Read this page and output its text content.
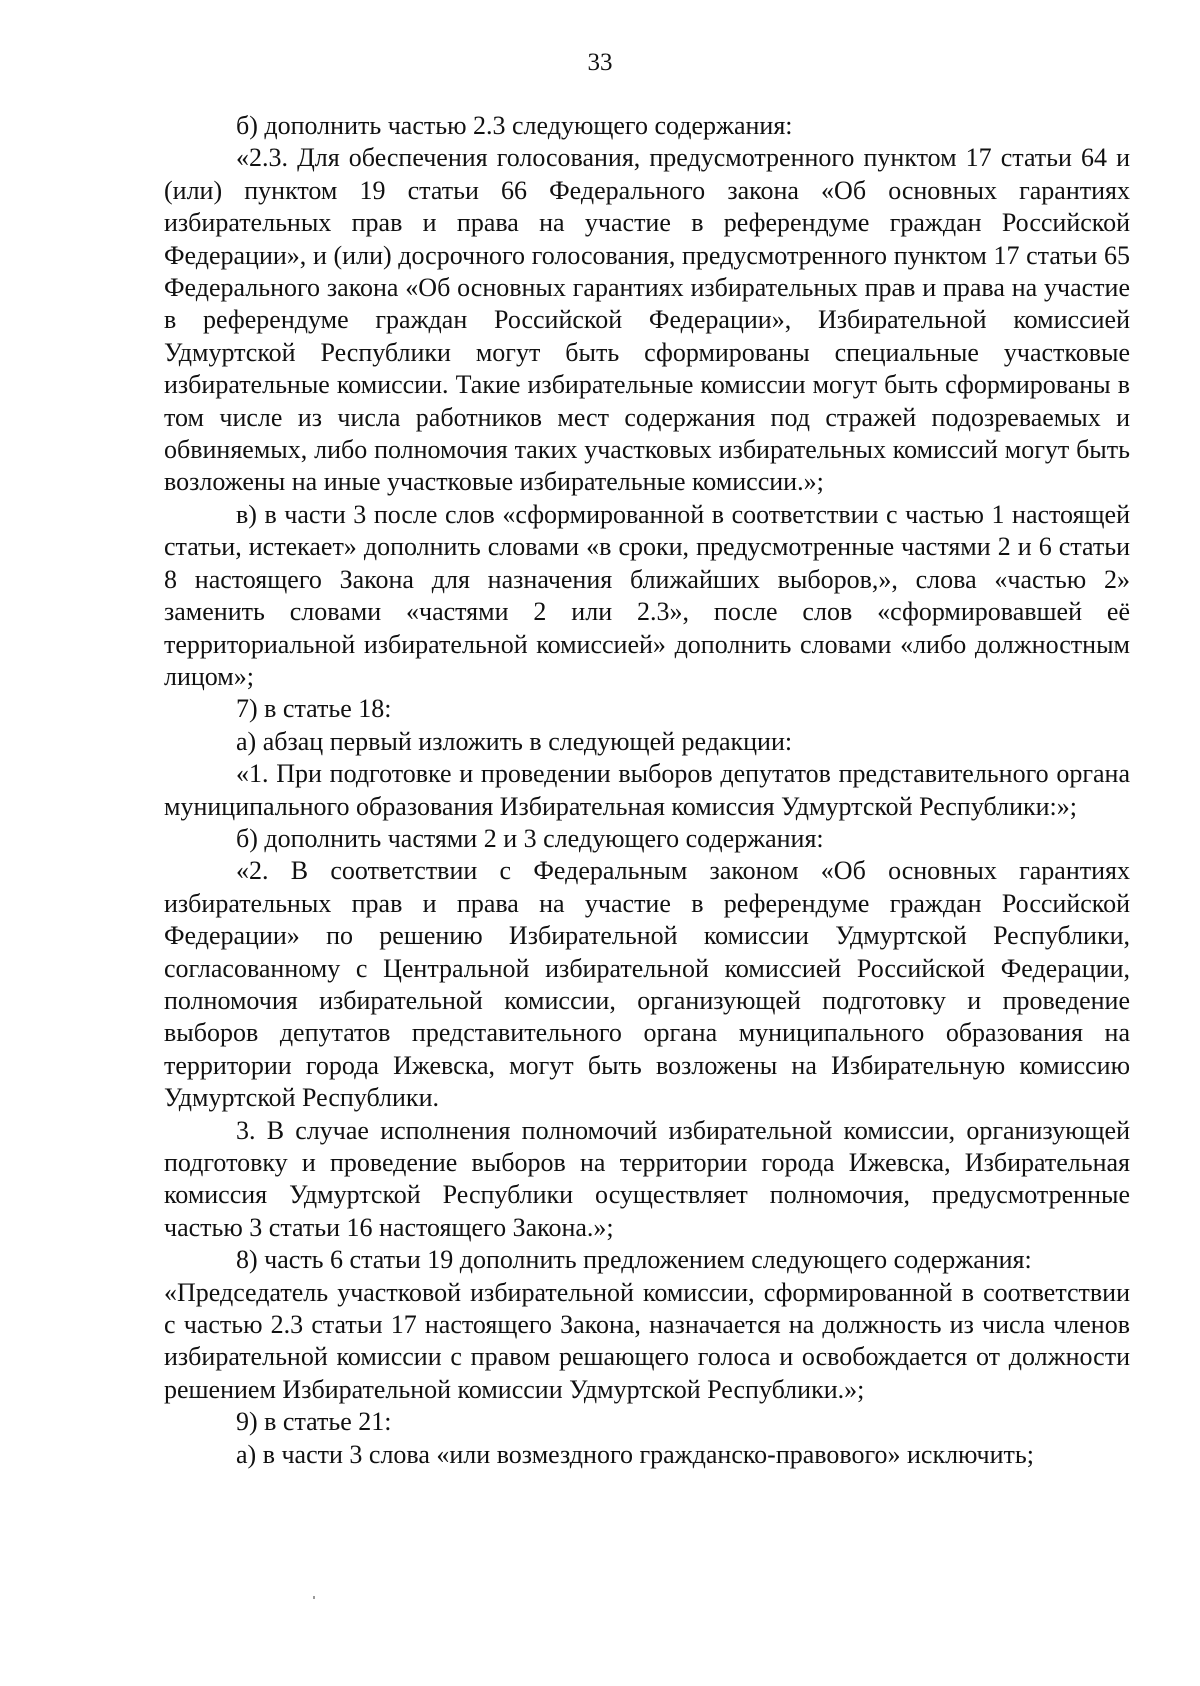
33

б) дополнить частью 2.3 следующего содержания:

«2.3. Для обеспечения голосования, предусмотренного пунктом 17 статьи 64 и (или) пунктом 19 статьи 66 Федерального закона «Об основных гарантиях избирательных прав и права на участие в референдуме граждан Российской Федерации», и (или) досрочного голосования, предусмотренного пунктом 17 статьи 65 Федерального закона «Об основных гарантиях избирательных прав и права на участие в референдуме граждан Российской Федерации», Избирательной комиссией Удмуртской Республики могут быть сформированы специальные участковые избирательные комиссии. Такие избирательные комиссии могут быть сформированы в том числе из числа работников мест содержания под стражей подозреваемых и обвиняемых, либо полномочия таких участковых избирательных комиссий могут быть возложены на иные участковые избирательные комиссии.»;

в) в части 3 после слов «сформированной в соответствии с частью 1 настоящей статьи, истекает» дополнить словами «в сроки, предусмотренные частями 2 и 6 статьи 8 настоящего Закона для назначения ближайших выборов,», слова «частью 2» заменить словами «частями 2 или 2.3», после слов «сформировавшей её территориальной избирательной комиссией» дополнить словами «либо должностным лицом»;

7) в статье 18:

а) абзац первый изложить в следующей редакции:

«1. При подготовке и проведении выборов депутатов представительного органа муниципального образования Избирательная комиссия Удмуртской Республики:»;

б) дополнить частями 2 и 3 следующего содержания:

«2. В соответствии с Федеральным законом «Об основных гарантиях избирательных прав и права на участие в референдуме граждан Российской Федерации» по решению Избирательной комиссии Удмуртской Республики, согласованному с Центральной избирательной комиссией Российской Федерации, полномочия избирательной комиссии, организующей подготовку и проведение выборов депутатов представительного органа муниципального образования на территории города Ижевска, могут быть возложены на Избирательную комиссию Удмуртской Республики.

3. В случае исполнения полномочий избирательной комиссии, организующей подготовку и проведение выборов на территории города Ижевска, Избирательная комиссия Удмуртской Республики осуществляет полномочия, предусмотренные частью 3 статьи 16 настоящего Закона.»;

8) часть 6 статьи 19 дополнить предложением следующего содержания:

«Председатель участковой избирательной комиссии, сформированной в соответствии с частью 2.3 статьи 17 настоящего Закона, назначается на должность из числа членов избирательной комиссии с правом решающего голоса и освобождается от должности решением Избирательной комиссии Удмуртской Республики.»;

9) в статье 21:

а) в части 3 слова «или возмездного гражданско-правового» исключить;
